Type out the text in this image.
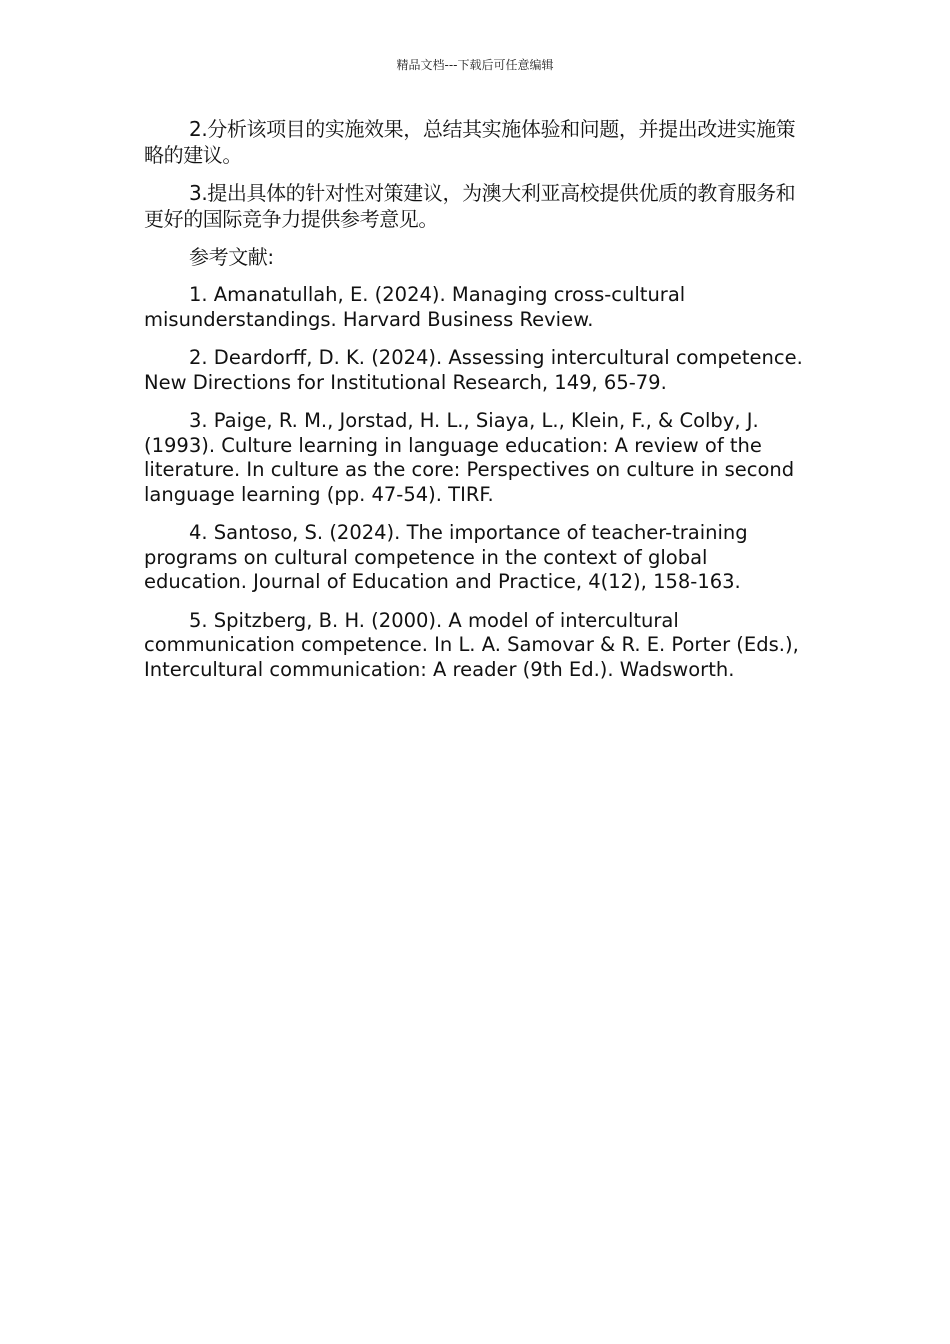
精品文档---下载后可任意编辑

2.分析该项目的实施效果，总结其实施体验和问题，并提出改进实施策略的建议。

3.提出具体的针对性对策建议，为澳大利亚高校提供优质的教育服务和更好的国际竞争力提供参考意见。

参考文献:

1. Amanatullah, E. (2024). Managing cross-cultural misunderstandings. Harvard Business Review.

2. Deardorff, D. K. (2024). Assessing intercultural competence. New Directions for Institutional Research, 149, 65-79.

3. Paige, R. M., Jorstad, H. L., Siaya, L., Klein, F., & Colby, J. (1993). Culture learning in language education: A review of the literature. In culture as the core: Perspectives on culture in second language learning (pp. 47-54). TIRF.

4. Santoso, S. (2024). The importance of teacher-training programs on cultural competence in the context of global education. Journal of Education and Practice, 4(12), 158-163.

5. Spitzberg, B. H. (2000). A model of intercultural communication competence. In L. A. Samovar & R. E. Porter (Eds.), Intercultural communication: A reader (9th Ed.). Wadsworth.
